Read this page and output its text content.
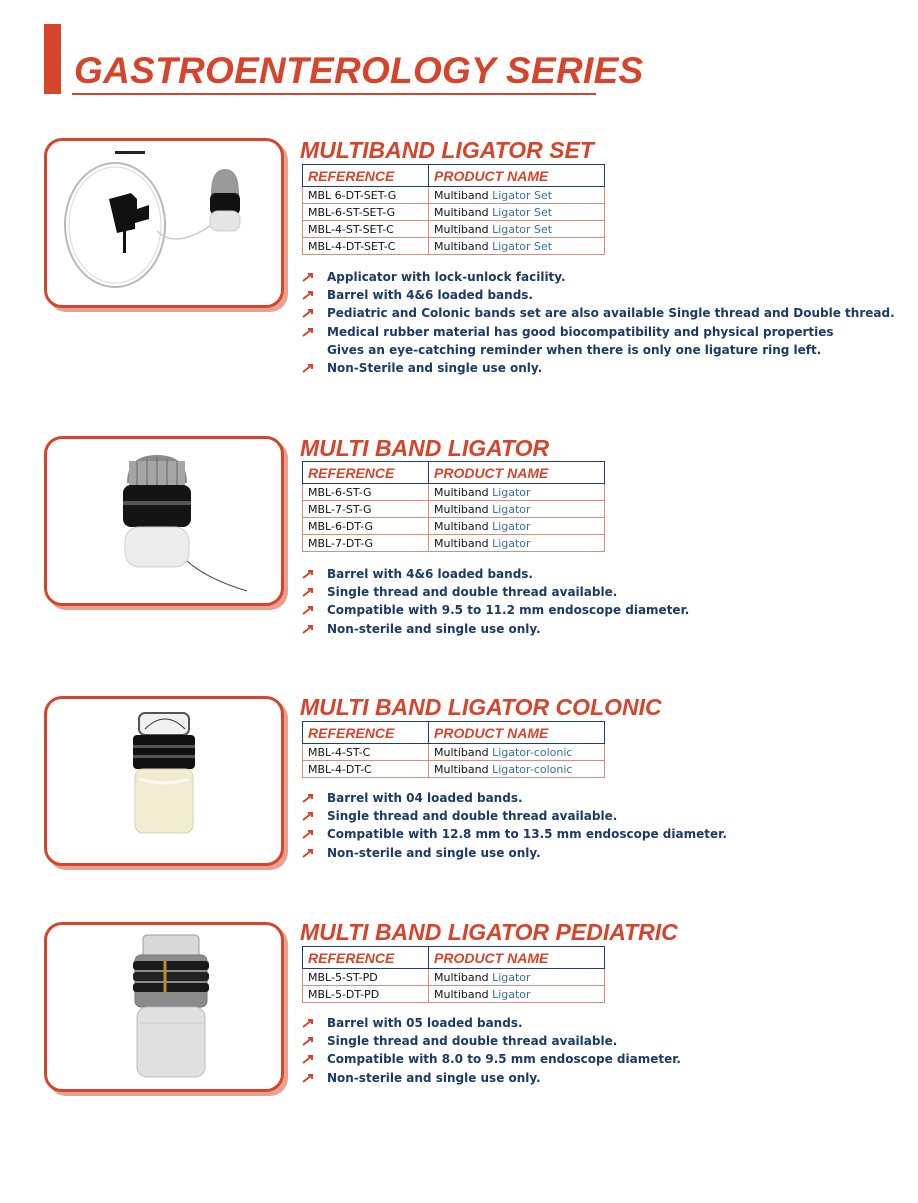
GASTROENTEROLOGY SERIES
MULTIBAND LIGATOR SET
REFERENCE	PRODUCT NAME
MBL 6-DT-SET-G	Multiband Ligator Set
MBL-6-ST-SET-G	Multiband Ligator Set
MBL-4-ST-SET-C	Multiband Ligator Set
MBL-4-DT-SET-C	Multiband Ligator Set
Applicator with lock-unlock facility.
Barrel with 4&6 loaded bands.
Pediatric and Colonic bands set are also available Single thread and Double thread.
Medical rubber material has good biocompatibility and physical properties
Gives an eye-catching reminder when there is only one ligature ring left.
Non-Sterile and single use only.
MULTI BAND LIGATOR
REFERENCE	PRODUCT NAME
MBL-6-ST-G	Multiband Ligator
MBL-7-ST-G	Multiband Ligator
MBL-6-DT-G	Multiband Ligator
MBL-7-DT-G	Multiband Ligator
Barrel with 4&6 loaded bands.
Single thread and double thread available.
Compatible with 9.5 to 11.2 mm endoscope diameter.
Non-sterile and single use only.
MULTI BAND LIGATOR COLONIC
REFERENCE	PRODUCT NAME
MBL-4-ST-C	Multiband Ligator-colonic
MBL-4-DT-C	Multiband Ligator-colonic
Barrel with 04 loaded bands.
Single thread and double thread available.
Compatible with 12.8 mm to 13.5 mm endoscope diameter.
Non-sterile and single use only.
MULTI BAND LIGATOR PEDIATRIC
REFERENCE	PRODUCT NAME
MBL-5-ST-PD	Multiband Ligator
MBL-5-DT-PD	Multiband Ligator
Barrel with 05 loaded bands.
Single thread and double thread available.
Compatible with 8.0 to 9.5 mm endoscope diameter.
Non-sterile and single use only.
